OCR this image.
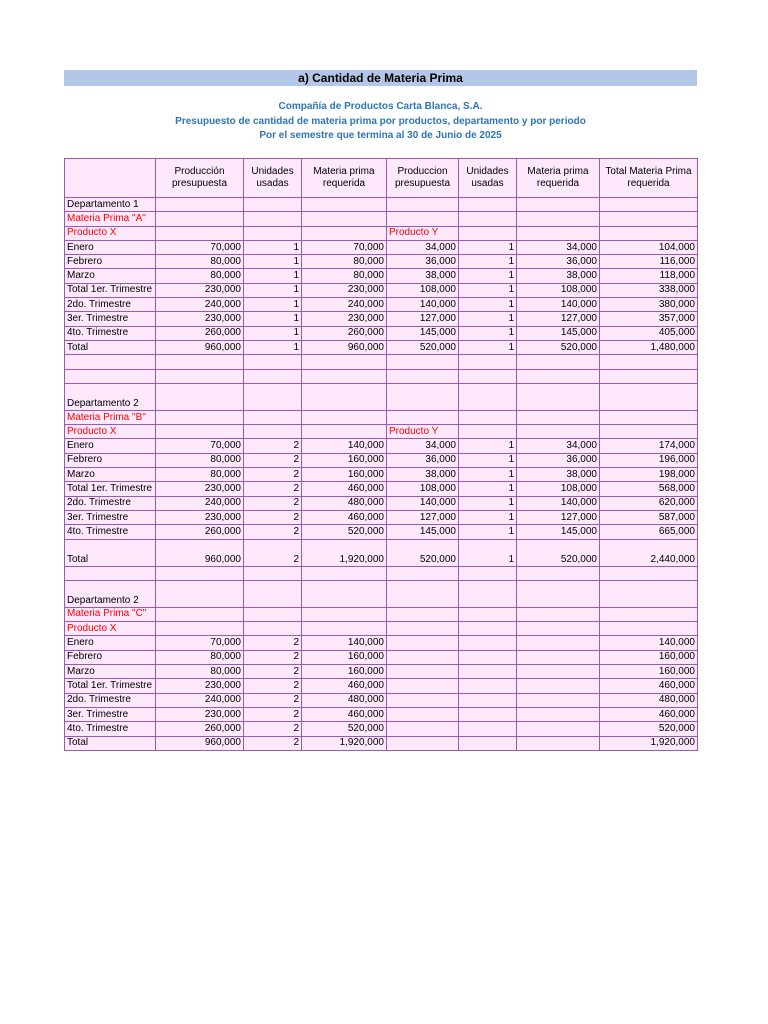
a) Cantidad de Materia Prima
Compañía de Productos Carta Blanca, S.A.
Presupuesto de cantidad de materia prima por productos, departamento y por periodo
Por el semestre que termina al 30 de Junio de 2025
	Producción presupuesta	Unidades usadas	Materia prima requerida	Produccion presupuesta	Unidades usadas	Materia prima requerida	Total Materia Prima requerida
Departamento 1							
Materia Prima "A"							
Producto X				Producto Y			
Enero	70,000	1	70,000	34,000	1	34,000	104,000
Febrero	80,000	1	80,000	36,000	1	36,000	116,000
Marzo	80,000	1	80,000	38,000	1	38,000	118,000
Total 1er. Trimestre	230,000	1	230,000	108,000	1	108,000	338,000
2do. Trimestre	240,000	1	240,000	140,000	1	140,000	380,000
3er. Trimestre	230,000	1	230,000	127,000	1	127,000	357,000
4to. Trimestre	260,000	1	260,000	145,000	1	145,000	405,000
Total	960,000	1	960,000	520,000	1	520,000	1,480,000

Departamento 2							
Materia Prima "B"							
Producto X				Producto Y			
Enero	70,000	2	140,000	34,000	1	34,000	174,000
Febrero	80,000	2	160,000	36,000	1	36,000	196,000
Marzo	80,000	2	160,000	38,000	1	38,000	198,000
Total 1er. Trimestre	230,000	2	460,000	108,000	1	108,000	568,000
2do. Trimestre	240,000	2	480,000	140,000	1	140,000	620,000
3er. Trimestre	230,000	2	460,000	127,000	1	127,000	587,000
4to. Trimestre	260,000	2	520,000	145,000	1	145,000	665,000
Total	960,000	2	1,920,000	520,000	1	520,000	2,440,000

Departamento 2							
Materia Prima "C"							
Producto X							
Enero	70,000	2	140,000				140,000
Febrero	80,000	2	160,000				160,000
Marzo	80,000	2	160,000				160,000
Total 1er. Trimestre	230,000	2	460,000				460,000
2do. Trimestre	240,000	2	480,000				480,000
3er. Trimestre	230,000	2	460,000				460,000
4to. Trimestre	260,000	2	520,000				520,000
Total	960,000	2	1,920,000				1,920,000
